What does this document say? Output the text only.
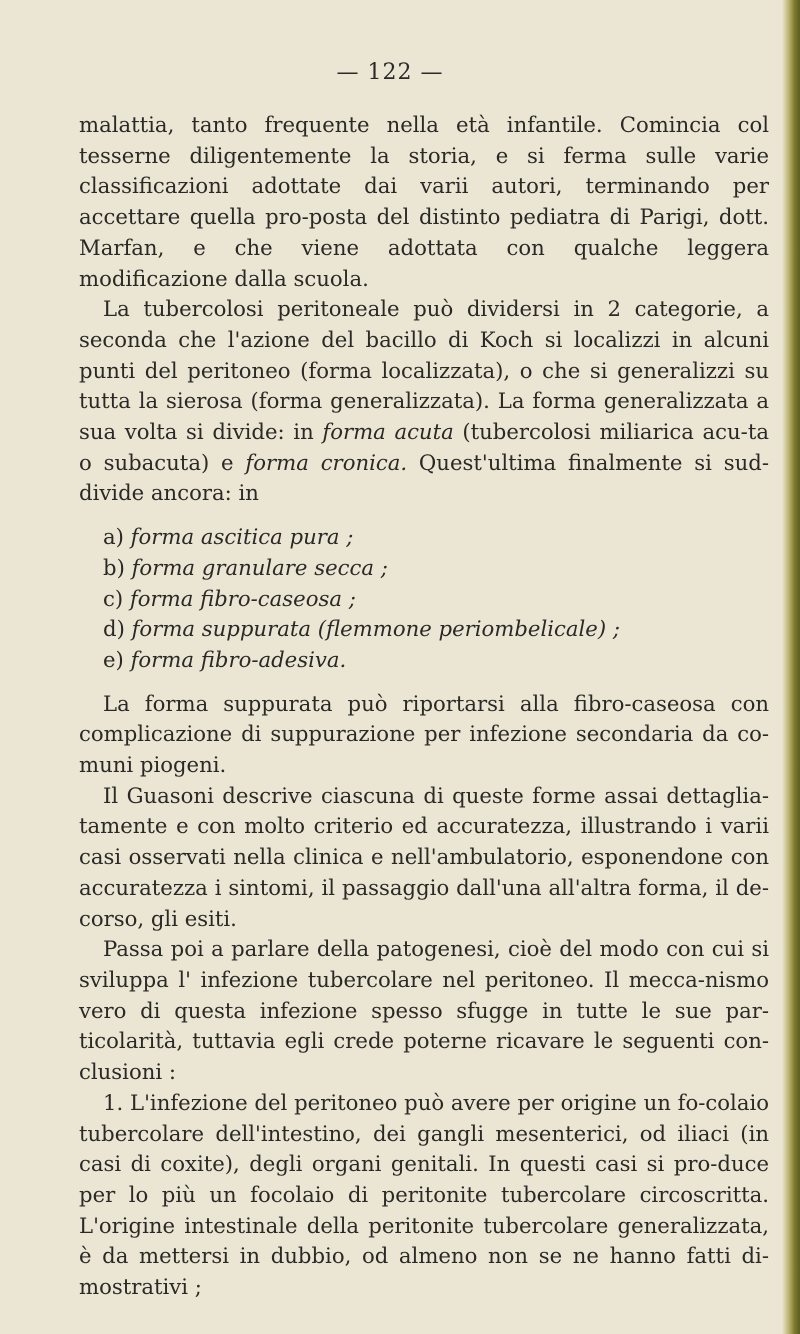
— 122 —

malattia, tanto frequente nella età infantile. Comincia col tesserne diligentemente la storia, e si ferma sulle varie classificazioni adottate dai varii autori, terminando per accettare quella pro-posta del distinto pediatra di Parigi, dott. Marfan, e che viene adottata con qualche leggera modificazione dalla scuola.

La tubercolosi peritoneale può dividersi in 2 categorie, a seconda che l'azione del bacillo di Koch si localizzi in alcuni punti del peritoneo (forma localizzata), o che si generalizzi su tutta la sierosa (forma generalizzata). La forma generalizzata a sua volta si divide: in forma acuta (tubercolosi miliarica acu-ta o subacuta) e forma cronica. Quest'ultima finalmente si sud-divide ancora: in

a) forma ascitica pura ;
b) forma granulare secca ;
c) forma fibro-caseosa ;
d) forma suppurata (flemmone periombelicale) ;
e) forma fibro-adesiva.

La forma suppurata può riportarsi alla fibro-caseosa con complicazione di suppurazione per infezione secondaria da co-muni piogeni.

Il Guasoni descrive ciascuna di queste forme assai dettaglia-tamente e con molto criterio ed accuratezza, illustrando i varii casi osservati nella clinica e nell'ambulatorio, esponendone con accuratezza i sintomi, il passaggio dall'una all'altra forma, il de-corso, gli esiti.

Passa poi a parlare della patogenesi, cioè del modo con cui si sviluppa l' infezione tubercolare nel peritoneo. Il mecca-nismo vero di questa infezione spesso sfugge in tutte le sue par-ticolarità, tuttavia egli crede poterne ricavare le seguenti con-clusioni :

1. L'infezione del peritoneo può avere per origine un fo-colaio tubercolare dell'intestino, dei gangli mesenterici, od iliaci (in casi di coxite), degli organi genitali. In questi casi si pro-duce per lo più un focolaio di peritonite tubercolare circoscritta. L'origine intestinale della peritonite tubercolare generalizzata, è da mettersi in dubbio, od almeno non se ne hanno fatti di-mostrativi ;
